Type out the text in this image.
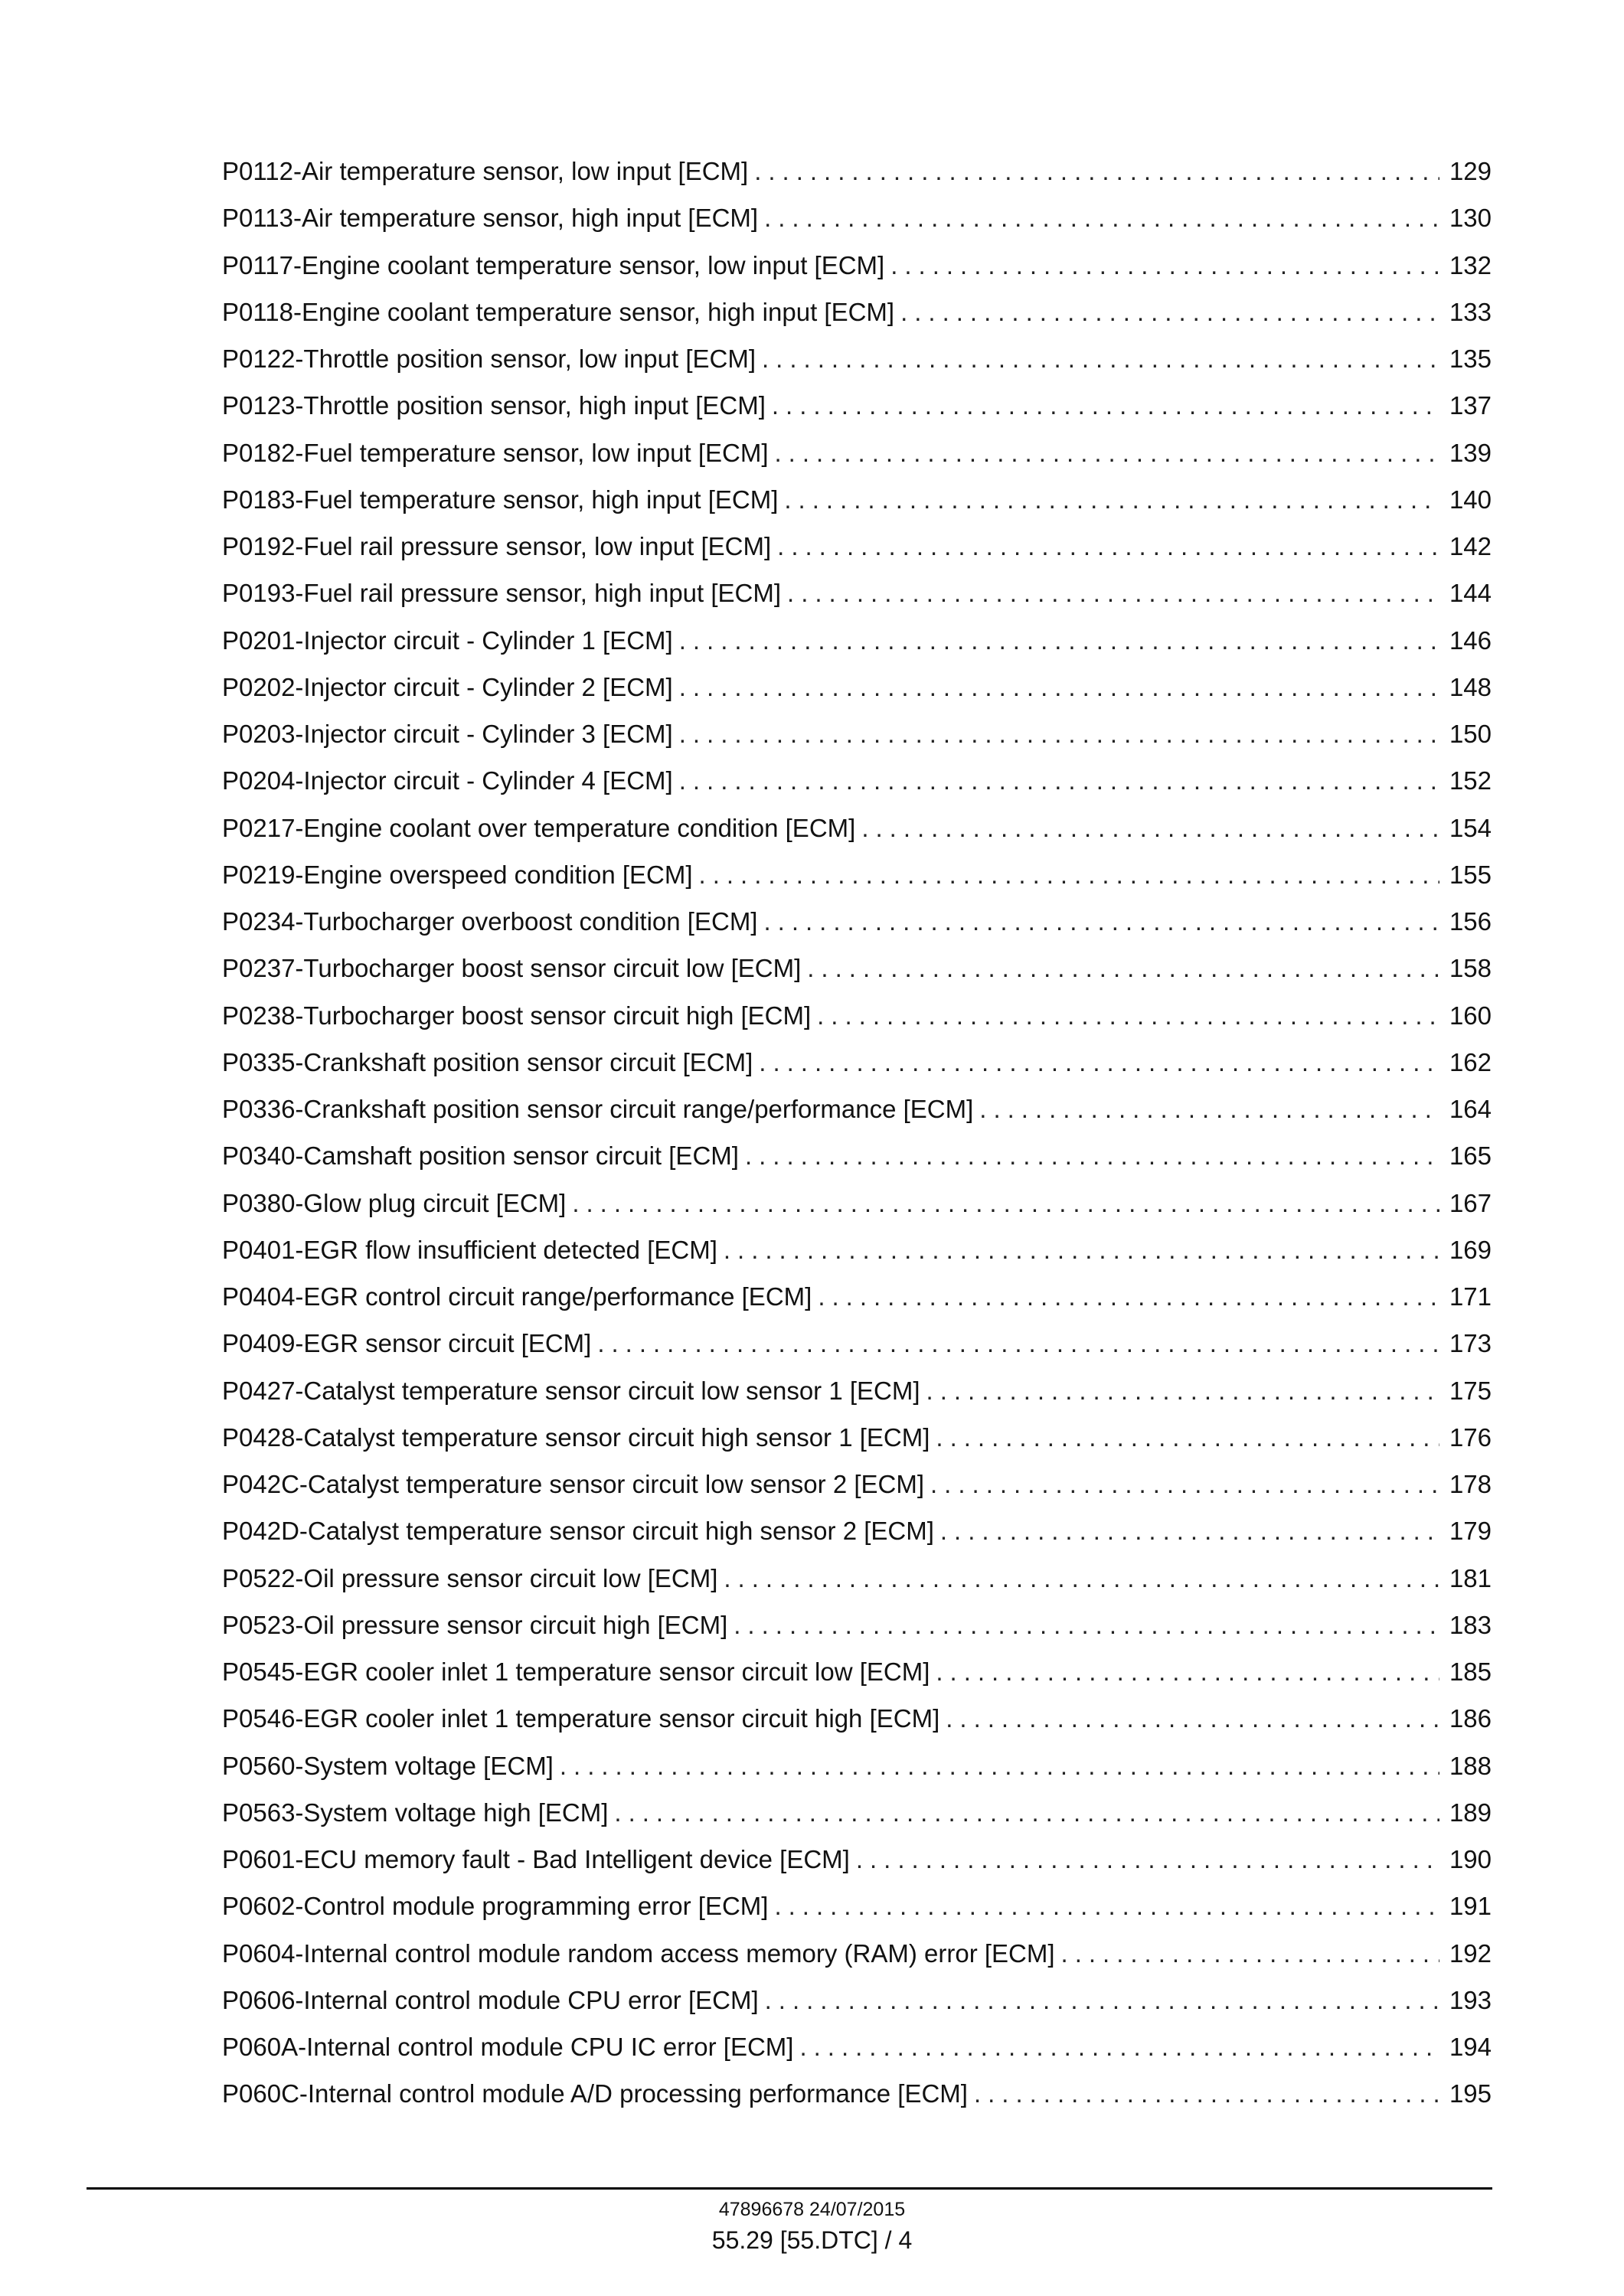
P0112-Air temperature sensor, low input [ECM] .....	129
P0113-Air temperature sensor, high input [ECM] .....	130
P0117-Engine coolant temperature sensor, low input [ECM] .....	132
P0118-Engine coolant temperature sensor, high input [ECM] .....	133
P0122-Throttle position sensor, low input [ECM] .....	135
P0123-Throttle position sensor, high input [ECM] .....	137
P0182-Fuel temperature sensor, low input [ECM] .....	139
P0183-Fuel temperature sensor, high input [ECM] .....	140
P0192-Fuel rail pressure sensor, low input [ECM] .....	142
P0193-Fuel rail pressure sensor, high input [ECM] .....	144
P0201-Injector circuit - Cylinder 1 [ECM] .....	146
P0202-Injector circuit - Cylinder 2 [ECM] .....	148
P0203-Injector circuit - Cylinder 3 [ECM] .....	150
P0204-Injector circuit - Cylinder 4 [ECM] .....	152
P0217-Engine coolant over temperature condition [ECM] .....	154
P0219-Engine overspeed condition [ECM] .....	155
P0234-Turbocharger overboost condition [ECM] .....	156
P0237-Turbocharger boost sensor circuit low [ECM] .....	158
P0238-Turbocharger boost sensor circuit high [ECM] .....	160
P0335-Crankshaft position sensor circuit [ECM] .....	162
P0336-Crankshaft position sensor circuit range/performance [ECM] .....	164
P0340-Camshaft position sensor circuit [ECM] .....	165
P0380-Glow plug circuit [ECM] .....	167
P0401-EGR flow insufficient detected [ECM] .....	169
P0404-EGR control circuit range/performance [ECM] .....	171
P0409-EGR sensor circuit [ECM] .....	173
P0427-Catalyst temperature sensor circuit low sensor 1 [ECM] .....	175
P0428-Catalyst temperature sensor circuit high sensor 1 [ECM] .....	176
P042C-Catalyst temperature sensor circuit low sensor 2 [ECM] .....	178
P042D-Catalyst temperature sensor circuit high sensor 2 [ECM] .....	179
P0522-Oil pressure sensor circuit low [ECM] .....	181
P0523-Oil pressure sensor circuit high [ECM] .....	183
P0545-EGR cooler inlet 1 temperature sensor circuit low [ECM] .....	185
P0546-EGR cooler inlet 1 temperature sensor circuit high [ECM] .....	186
P0560-System voltage [ECM] .....	188
P0563-System voltage high [ECM] .....	189
P0601-ECU memory fault - Bad Intelligent device [ECM] .....	190
P0602-Control module programming error [ECM] .....	191
P0604-Internal control module random access memory (RAM) error [ECM] .....	192
P0606-Internal control module CPU error [ECM] .....	193
P060A-Internal control module CPU IC error [ECM] .....	194
P060C-Internal control module A/D processing performance [ECM] .....	195
47896678 24/07/2015
55.29 [55.DTC] / 4
